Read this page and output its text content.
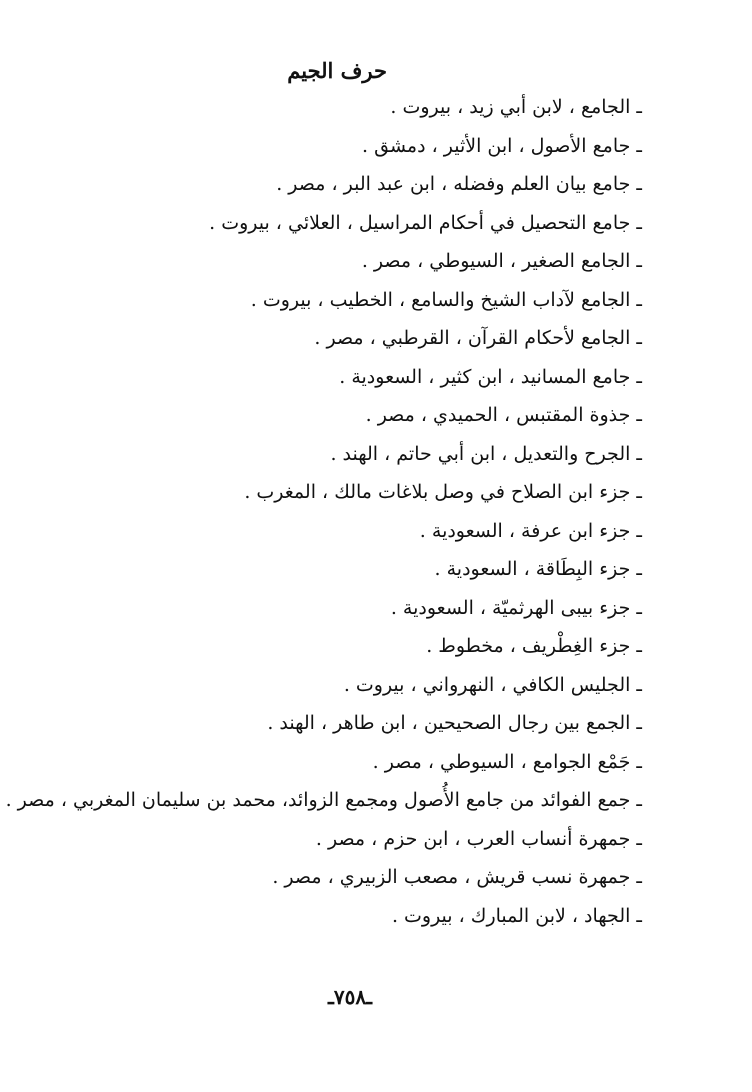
حرف الجيم
ـ الجامع ، لابن أبي زيد ، بيروت .
ـ جامع الأصول ، ابن الأثير ، دمشق .
ـ جامع بيان العلم وفضله ، ابن عبد البر ، مصر .
ـ جامع التحصيل في أحكام المراسيل ، العلائي ، بيروت .
ـ الجامع الصغير ، السيوطي ، مصر .
ـ الجامع لآداب الشيخ والسامع ، الخطيب ، بيروت .
ـ الجامع لأحكام القرآن ، القرطبي ، مصر .
ـ جامع المسانيد ، ابن كثير ، السعودية .
ـ جذوة المقتبس ، الحميدي ، مصر .
ـ الجرح والتعديل ، ابن أبي حاتم ، الهند .
ـ جزء ابن الصلاح في وصل بلاغات مالك ، المغرب .
ـ جزء ابن عرفة ، السعودية .
ـ جزء البِطَاقة ، السعودية .
ـ جزء بيبى الهرثميّة ، السعودية .
ـ جزء الغِطْريف ، مخطوط .
ـ الجليس الكافي ، النهرواني ، بيروت .
ـ الجمع بين رجال الصحيحين ، ابن طاهر ، الهند .
ـ جَمْع الجوامع ، السيوطي ، مصر .
ـ جمع الفوائد من جامع الأُصول ومجمع الزوائد، محمد بن سليمان المغربي ، مصر .
ـ جمهرة أنساب العرب ، ابن حزم ، مصر .
ـ جمهرة نسب قريش ، مصعب الزبيري ، مصر .
ـ الجهاد ، لابن المبارك ، بيروت .
ـ٧٥٨ـ
